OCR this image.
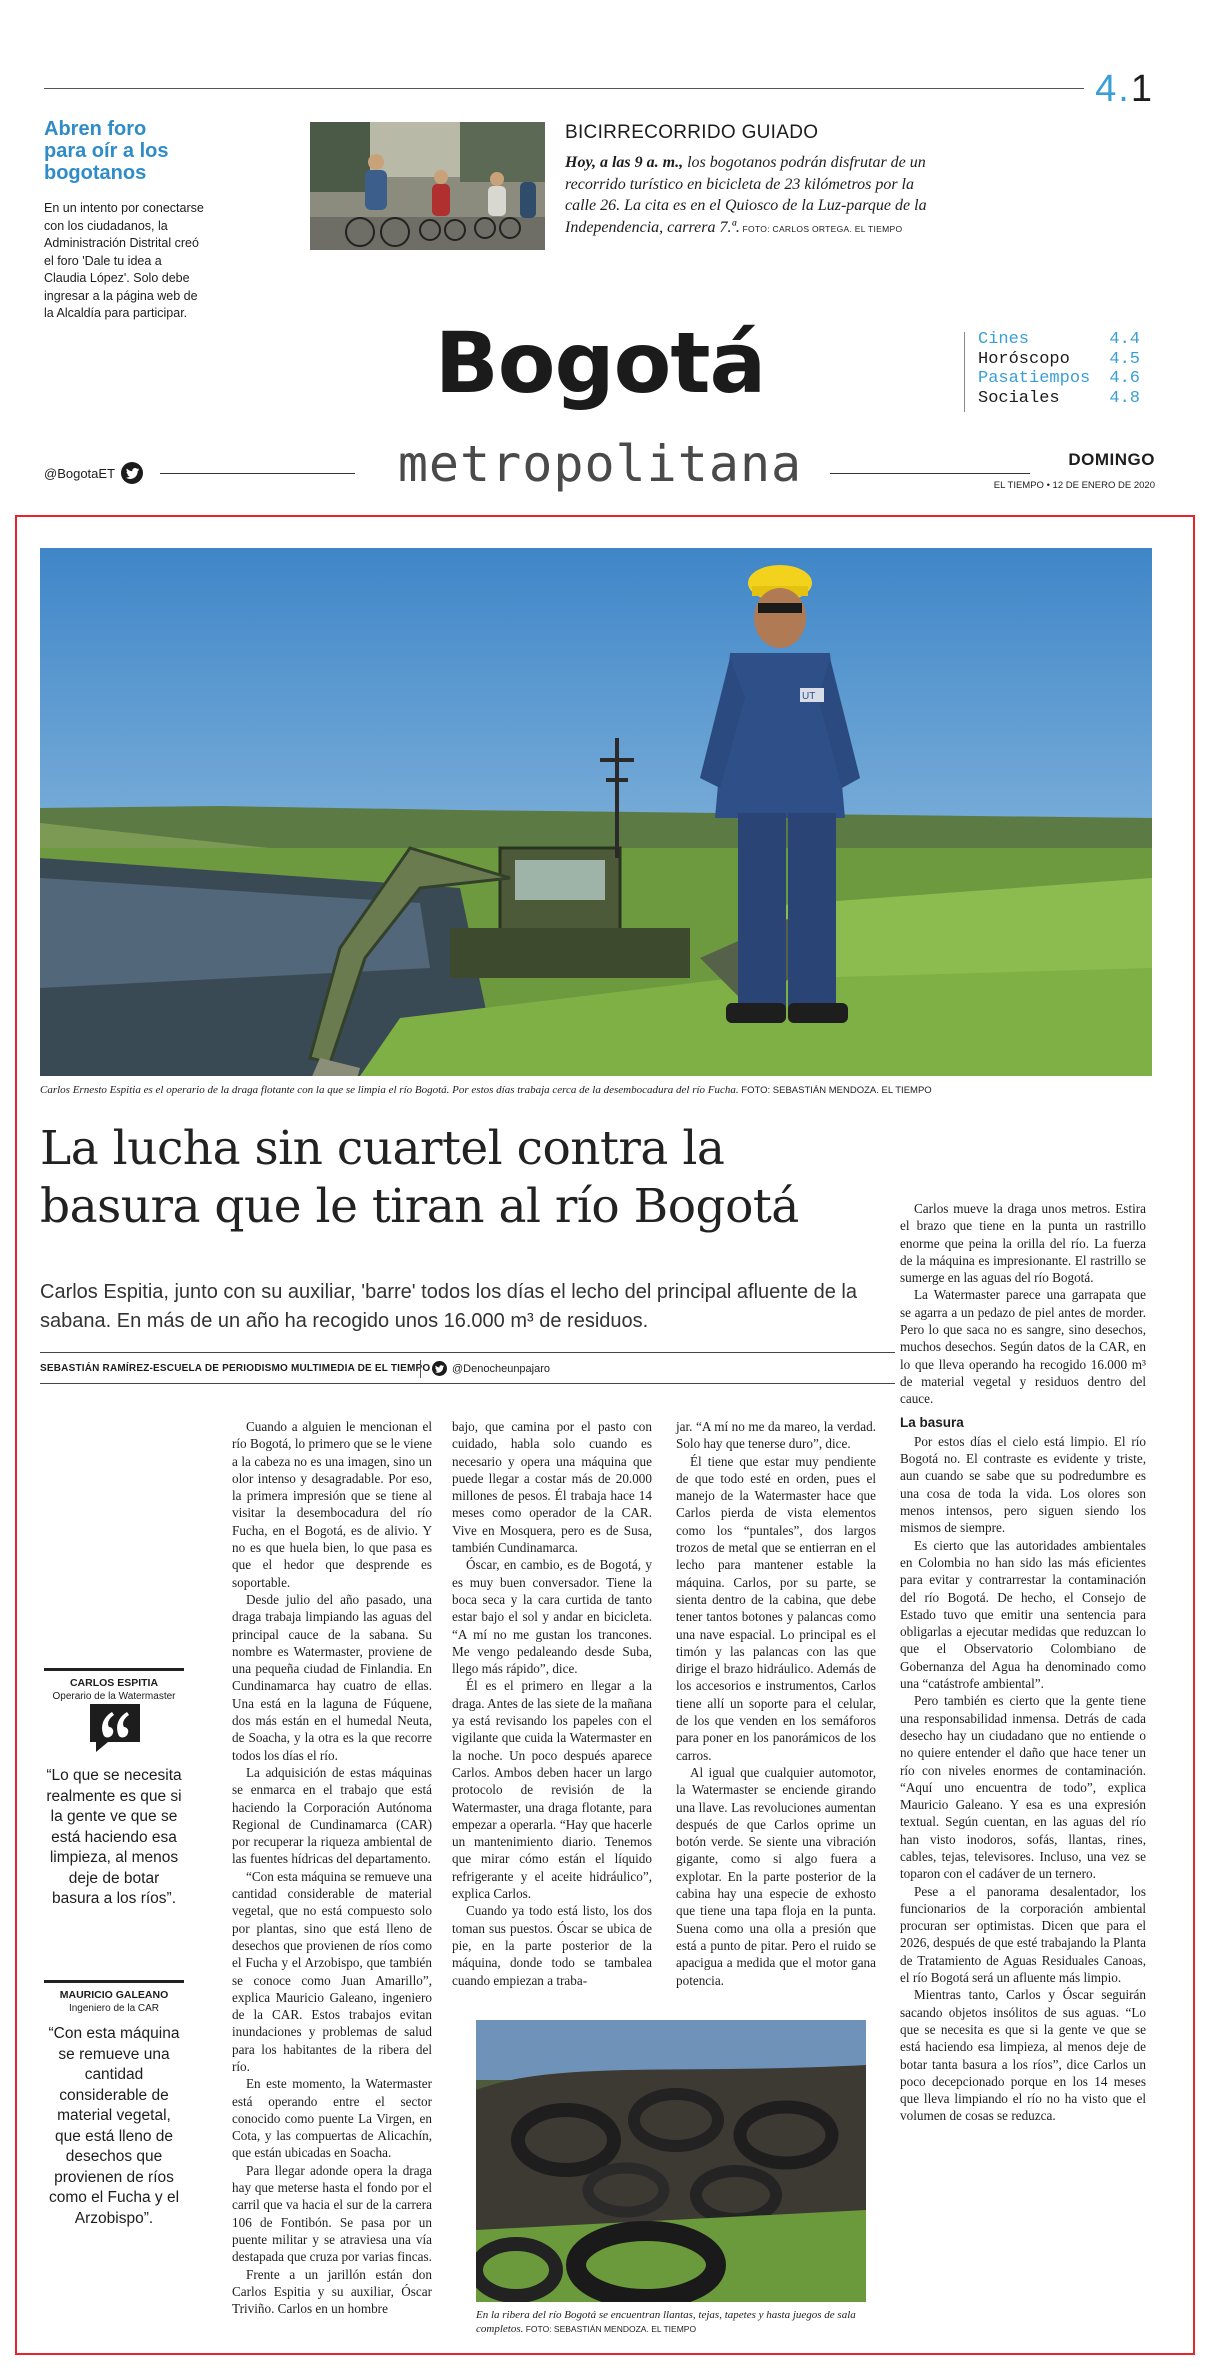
4.1
Abren foro para oír a los bogotanos
En un intento por conectarse con los ciudadanos, la Administración Distrital creó el foro 'Dale tu idea a Claudia López'. Solo debe ingresar a la página web de la Alcaldía para participar.
BICIRRECORRIDO GUIADO
Hoy, a las 9 a. m., los bogotanos podrán disfrutar de un recorrido turístico en bicicleta de 23 kilómetros por la calle 26. La cita es en el Quiosco de la Luz-parque de la Independencia, carrera 7.ª. FOTO: CARLOS ORTEGA. EL TIEMPO
Bogotá
metropolitana
Cines	4.4
Horóscopo 4.5
Pasatiempos 4.6
Sociales	4.8
@BogotaET
DOMINGO
EL TIEMPO • 12 DE ENERO DE 2020
UT
Carlos Ernesto Espitia es el operario de la draga flotante con la que se limpia el río Bogotá. Por estos días trabaja cerca de la desembocadura del río Fucha. FOTO: SEBASTIÁN MENDOZA. EL TIEMPO
La lucha sin cuartel contra la basura que le tiran al río Bogotá
Carlos Espitia, junto con su auxiliar, 'barre' todos los días el lecho del principal afluente de la sabana. En más de un año ha recogido unos 16.000 m³ de residuos.
SEBASTIÁN RAMÍREZ-ESCUELA DE PERIODISMO MULTIMEDIA DE EL TIEMPO @Denocheunpajaro

Cuando a alguien le mencionan el río Bogotá, lo primero que se le viene a la cabeza no es una imagen, sino un olor intenso y desagradable. Por eso, la primera impresión que se tiene al visitar la desembocadura del río Fucha, en el Bogotá, es de alivio. Y no es que huela bien, lo que pasa es que el hedor que desprende es soportable.

Desde julio del año pasado, una draga trabaja limpiando las aguas del principal cauce de la sabana. Su nombre es Watermaster, proviene de una pequeña ciudad de Finlandia. En Cundinamarca hay cuatro de ellas. Una está en la laguna de Fúquene, dos más están en el humedal Neuta, de Soacha, y la otra es la que recorre todos los días el río.

La adquisición de estas máquinas se enmarca en el trabajo que está haciendo la Corporación Autónoma Regional de Cundinamarca (CAR) por recuperar la riqueza ambiental de las fuentes hídricas del departamento.

“Con esta máquina se remueve una cantidad considerable de material vegetal, que no está compuesto solo por plantas, sino que está lleno de desechos que provienen de ríos como el Fucha y el Arzobispo, que también se conoce como Juan Amarillo”, explica Mauricio Galeano, ingeniero de la CAR. Estos trabajos evitan inundaciones y problemas de salud para los habitantes de la ribera del río.

En este momento, la Watermaster está operando entre el sector conocido como puente La Virgen, en Cota, y las compuertas de Alicachín, que están ubicadas en Soacha.

Para llegar adonde opera la draga hay que meterse hasta el fondo por el carril que va hacia el sur de la carrera 106 de Fontibón. Se pasa por un puente militar y se atraviesa una vía destapada que cruza por varias fincas.

Frente a un jarillón están don Carlos Espitia y su auxiliar, Óscar Triviño. Carlos en un hombre

bajo, que camina por el pasto con cuidado, habla solo cuando es necesario y opera una máquina que puede llegar a costar más de 20.000 millones de pesos. Él trabaja hace 14 meses como operador de la CAR. Vive en Mosquera, pero es de Susa, también Cundinamarca.

Óscar, en cambio, es de Bogotá, y es muy buen conversador. Tiene la boca seca y la cara curtida de tanto estar bajo el sol y andar en bicicleta. “A mí no me gustan los trancones. Me vengo pedaleando desde Suba, llego más rápido”, dice.

Él es el primero en llegar a la draga. Antes de las siete de la mañana ya está revisando los papeles con el vigilante que cuida la Watermaster en la noche. Un poco después aparece Carlos. Ambos deben hacer un largo protocolo de revisión de la Watermaster, una draga flotante, para empezar a operarla. “Hay que hacerle un mantenimiento diario. Tenemos que mirar cómo están el líquido refrigerante y el aceite hidráulico”, explica Carlos.

Cuando ya todo está listo, los dos toman sus puestos. Óscar se ubica de pie, en la parte posterior de la máquina, donde todo se tambalea cuando empiezan a traba-

jar. “A mí no me da mareo, la verdad. Solo hay que tenerse duro”, dice.

Él tiene que estar muy pendiente de que todo esté en orden, pues el manejo de la Watermaster hace que Carlos pierda de vista elementos como los “puntales”, dos largos trozos de metal que se entierran en el lecho para mantener estable la máquina. Carlos, por su parte, se sienta dentro de la cabina, que debe tener tantos botones y palancas como una nave espacial. Lo principal es el timón y las palancas con las que dirige el brazo hidráulico. Además de los accesorios e instrumentos, Carlos tiene allí un soporte para el celular, de los que venden en los semáforos para poner en los panorámicos de los carros.

Al igual que cualquier automotor, la Watermaster se enciende girando una llave. Las revoluciones aumentan después de que Carlos oprime un botón verde. Se siente una vibración gigante, como si algo fuera a explotar. En la parte posterior de la cabina hay una especie de exhosto que tiene una tapa floja en la punta. Suena como una olla a presión que está a punto de pitar. Pero el ruido se apacigua a medida que el motor gana potencia.

Carlos mueve la draga unos metros. Estira el brazo que tiene en la punta un rastrillo enorme que peina la orilla del río. La fuerza de la máquina es impresionante. El rastrillo se sumerge en las aguas del río Bogotá.

La Watermaster parece una garrapata que se agarra a un pedazo de piel antes de morder. Pero lo que saca no es sangre, sino desechos, muchos desechos. Según datos de la CAR, en lo que lleva operando ha recogido 16.000 m³ de material vegetal y residuos dentro del cauce.

La basura

Por estos días el cielo está limpio. El río Bogotá no. El contraste es evidente y triste, aun cuando se sabe que su podredumbre es una cosa de toda la vida. Los olores son menos intensos, pero siguen siendo los mismos de siempre.

Es cierto que las autoridades ambientales en Colombia no han sido las más eficientes para evitar y contrarrestar la contaminación del río Bogotá. De hecho, el Consejo de Estado tuvo que emitir una sentencia para obligarlas a ejecutar medidas que reduzcan lo que el Observatorio Colombiano de Gobernanza del Agua ha denominado como una “catástrofe ambiental”.

Pero también es cierto que la gente tiene una responsabilidad inmensa. Detrás de cada desecho hay un ciudadano que no entiende o no quiere entender el daño que hace tener un río con niveles enormes de contaminación. “Aquí uno encuentra de todo”, explica Mauricio Galeano. Y esa es una expresión textual. Según cuentan, en las aguas del río han visto inodoros, sofás, llantas, rines, cables, tejas, televisores. Incluso, una vez se toparon con el cadáver de un ternero.

Pese a el panorama desalentador, los funcionarios de la corporación ambiental procuran ser optimistas. Dicen que para el 2026, después de que esté trabajando la Planta de Tratamiento de Aguas Residuales Canoas, el río Bogotá será un afluente más limpio.

Mientras tanto, Carlos y Óscar seguirán sacando objetos insólitos de sus aguas. “Lo que se necesita es que si la gente ve que se está haciendo esa limpieza, al menos deje de botar tanta basura a los ríos”, dice Carlos un poco decepcionado porque en los 14 meses que lleva limpiando el río no ha visto que el volumen de cosas se reduzca.

CARLOS ESPITIA
Operario de la Watermaster
“Lo que se necesita realmente es que si la gente ve que se está haciendo esa limpieza, al menos deje de botar basura a los ríos”.
MAURICIO GALEANO
Ingeniero de la CAR
“Con esta máquina se remueve una cantidad considerable de material vegetal, que está lleno de desechos que provienen de ríos como el Fucha y el Arzobispo”.
En la ribera del río Bogotá se encuentran llantas, tejas, tapetes y hasta juegos de sala completos. FOTO: SEBASTIÁN MENDOZA. EL TIEMPO
